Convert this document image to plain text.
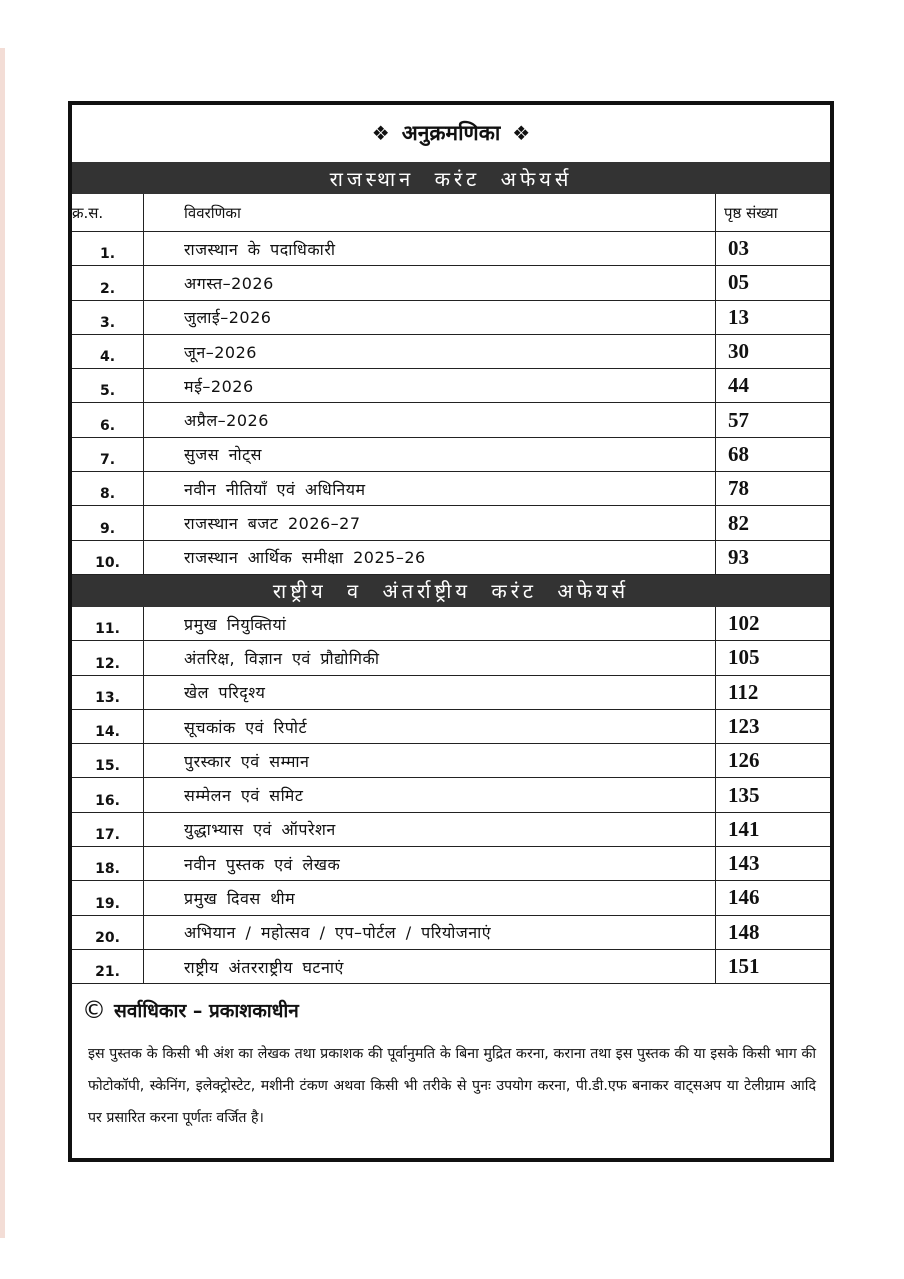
❖ अनुक्रमणिका ❖
राजस्थान करंट अफेयर्स
क्र.स.	विवरणिका	पृष्ठ संख्या
1.	राजस्थान के पदाधिकारी	03
2.	अगस्त–2026	05
3.	जुलाई–2026	13
4.	जून–2026	30
5.	मई–2026	44
6.	अप्रैल–2026	57
7.	सुजस नोट्स	68
8.	नवीन नीतियाँ एवं अधिनियम	78
9.	राजस्थान बजट 2026–27	82
10.	राजस्थान आर्थिक समीक्षा 2025–26	93
राष्ट्रीय व अंतर्राष्ट्रीय करंट अफेयर्स
11.	प्रमुख नियुक्तियां	102
12.	अंतरिक्ष, विज्ञान एवं प्रौद्योगिकी	105
13.	खेल परिदृश्य	112
14.	सूचकांक एवं रिपोर्ट	123
15.	पुरस्कार एवं सम्मान	126
16.	सम्मेलन एवं समिट	135
17.	युद्धाभ्यास एवं ऑपरेशन	141
18.	नवीन पुस्तक एवं लेखक	143
19.	प्रमुख दिवस थीम	146
20.	अभियान / महोत्सव / एप–पोर्टल / परियोजनाएं	148
21.	राष्ट्रीय अंतरराष्ट्रीय घटनाएं	151
© सर्वाधिकार – प्रकाशकाधीन
इस पुस्तक के किसी भी अंश का लेखक तथा प्रकाशक की पूर्वानुमति के बिना मुद्रित करना, कराना तथा इस पुस्तक की या इसके किसी भाग की फोटोकॉपी, स्केनिंग, इलेक्ट्रोस्टेट, मशीनी टंकण अथवा किसी भी तरीके से पुनः उपयोग करना, पी.डी.एफ बनाकर वाट्सअप या टेलीग्राम आदि पर प्रसारित करना पूर्णतः वर्जित है।
